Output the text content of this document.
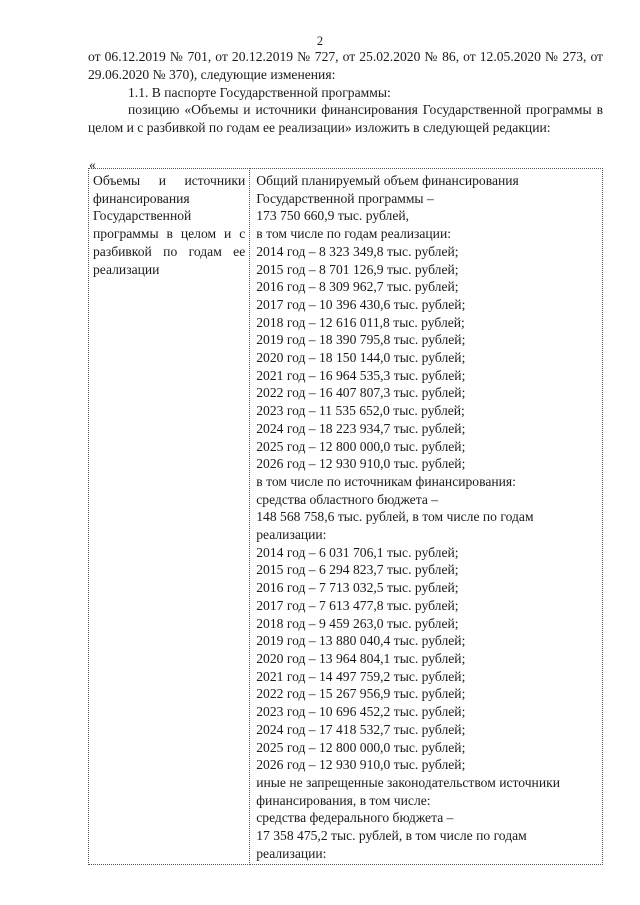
2

от 06.12.2019 № 701, от 20.12.2019 № 727, от 25.02.2020 № 86, от 12.05.2020 № 273, от 29.06.2020 № 370), следующие изменения:

1.1. В паспорте Государственной программы:

позицию «Объемы и источники финансирования Государственной программы в целом и с разбивкой по годам ее реализации» изложить в следующей редакции:

«
Объемы и источники финансирования Государственной программы в целом и с разбивкой по годам ее реализации

Общий планируемый объем финансирования
Государственной программы –
173 750 660,9 тыс. рублей,
в том числе по годам реализации:
2014 год – 8 323 349,8 тыс. рублей;
2015 год – 8 701 126,9 тыс. рублей;
2016 год – 8 309 962,7 тыс. рублей;
2017 год – 10 396 430,6 тыс. рублей;
2018 год – 12 616 011,8 тыс. рублей;
2019 год – 18 390 795,8 тыс. рублей;
2020 год – 18 150 144,0 тыс. рублей;
2021 год – 16 964 535,3 тыс. рублей;
2022 год – 16 407 807,3 тыс. рублей;
2023 год – 11 535 652,0 тыс. рублей;
2024 год – 18 223 934,7 тыс. рублей;
2025 год – 12 800 000,0 тыс. рублей;
2026 год – 12 930 910,0 тыс. рублей;
в том числе по источникам финансирования:
средства областного бюджета –
148 568 758,6 тыс. рублей, в том числе по годам
реализации:
2014 год – 6 031 706,1 тыс. рублей;
2015 год – 6 294 823,7 тыс. рублей;
2016 год – 7 713 032,5 тыс. рублей;
2017 год – 7 613 477,8 тыс. рублей;
2018 год – 9 459 263,0 тыс. рублей;
2019 год – 13 880 040,4 тыс. рублей;
2020 год – 13 964 804,1 тыс. рублей;
2021 год – 14 497 759,2 тыс. рублей;
2022 год – 15 267 956,9 тыс. рублей;
2023 год – 10 696 452,2 тыс. рублей;
2024 год – 17 418 532,7 тыс. рублей;
2025 год – 12 800 000,0 тыс. рублей;
2026 год – 12 930 910,0 тыс. рублей;
иные не запрещенные законодательством источники
финансирования, в том числе:
средства федерального бюджета –
17 358 475,2 тыс. рублей, в том числе по годам
реализации:
